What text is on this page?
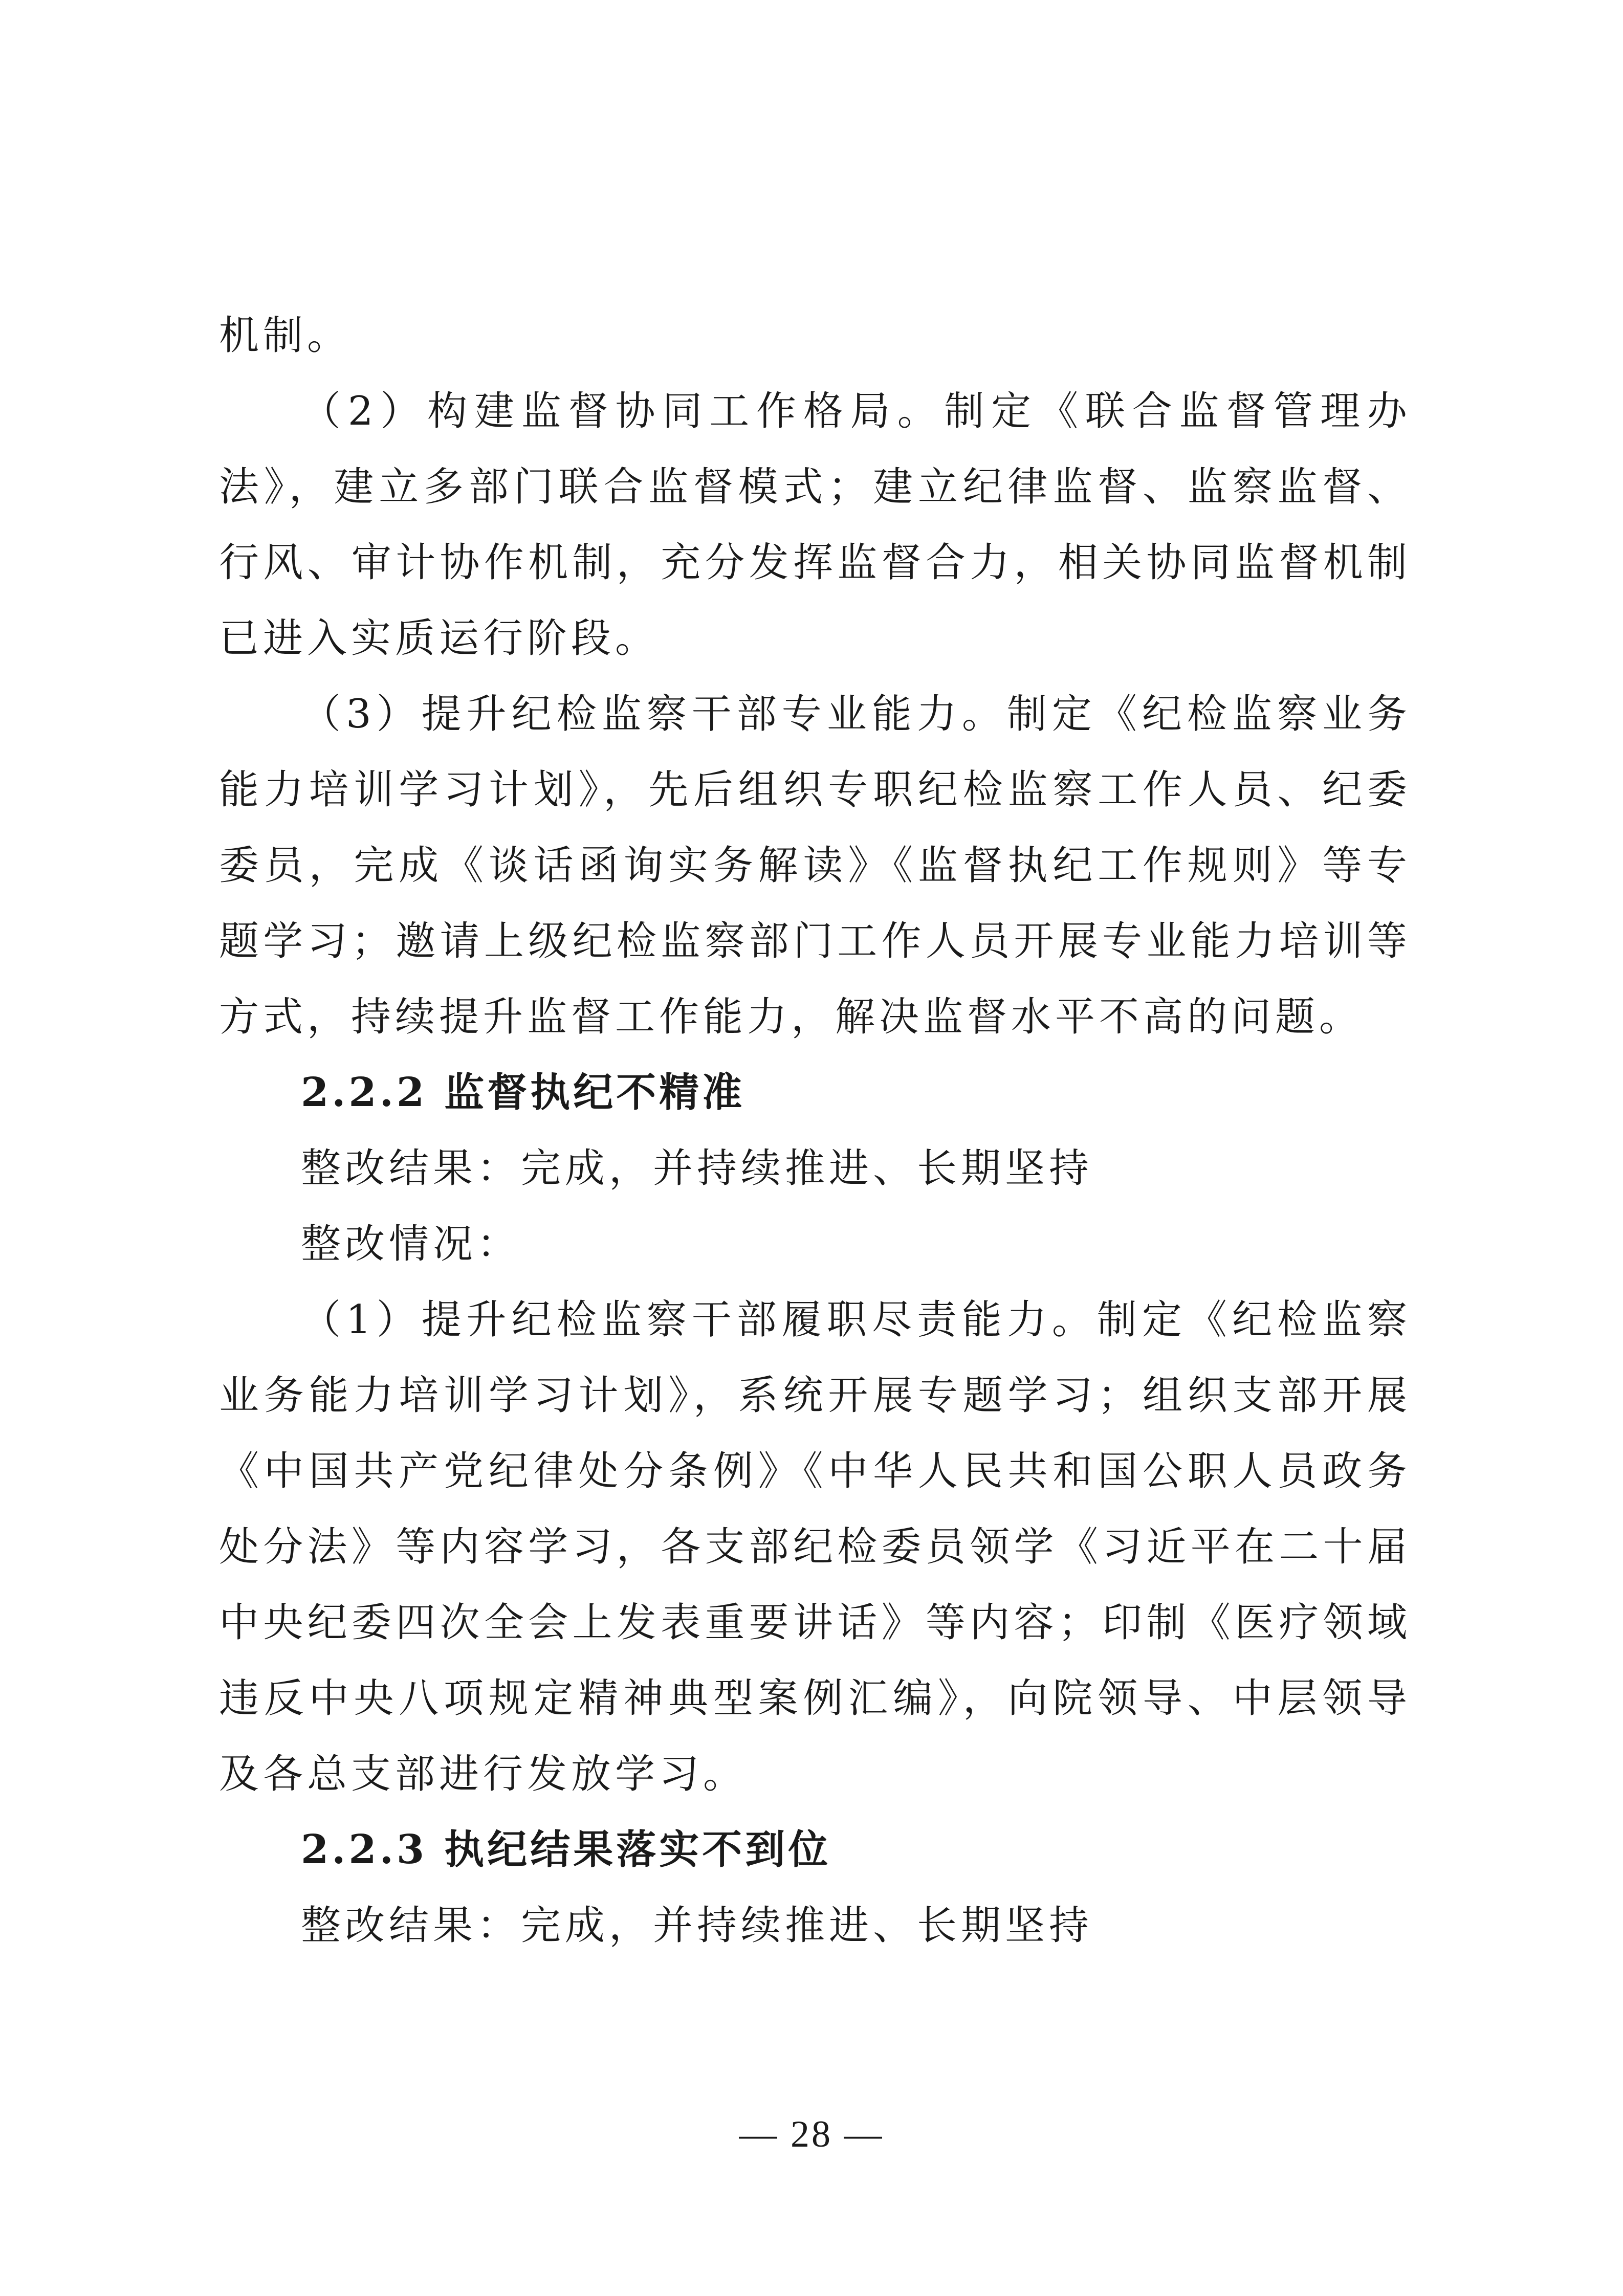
机制。

（2）构建监督协同工作格局。制定《联合监督管理办法》，建立多部门联合监督模式；建立纪律监督、监察监督、行风、审计协作机制，充分发挥监督合力，相关协同监督机制已进入实质运行阶段。

（3）提升纪检监察干部专业能力。制定《纪检监察业务能力培训学习计划》，先后组织专职纪检监察工作人员、纪委委员，完成《谈话函询实务解读》《监督执纪工作规则》等专题学习；邀请上级纪检监察部门工作人员开展专业能力培训等方式，持续提升监督工作能力，解决监督水平不高的问题。

2.2.2 监督执纪不精准

整改结果：完成，并持续推进、长期坚持

整改情况：

（1）提升纪检监察干部履职尽责能力。制定《纪检监察业务能力培训学习计划》，系统开展专题学习；组织支部开展《中国共产党纪律处分条例》《中华人民共和国公职人员政务处分法》等内容学习，各支部纪检委员领学《习近平在二十届中央纪委四次全会上发表重要讲话》等内容；印制《医疗领域违反中央八项规定精神典型案例汇编》，向院领导、中层领导及各总支部进行发放学习。

2.2.3 执纪结果落实不到位

整改结果：完成，并持续推进、长期坚持

— 28 —
